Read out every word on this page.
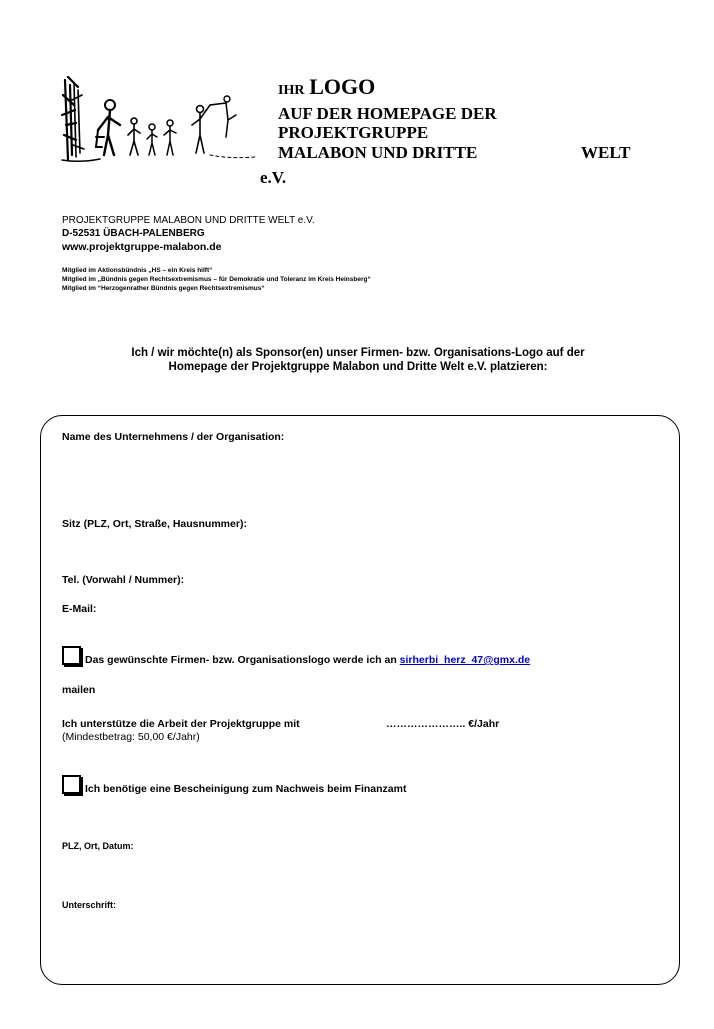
IHR LOGO
AUF DER HOMEPAGE DER
PROJEKTGRUPPE
MALABON UND DRITTE	WELT
e.V.
PROJEKTGRUPPE MALABON UND DRITTE WELT e.V.
D-52531 ÜBACH-PALENBERG
www.projektgruppe-malabon.de
Mitglied im Aktionsbündnis „HS – ein Kreis hilft“
Mitglied im „Bündnis gegen Rechtsextremismus – für Demokratie und Toleranz im Kreis Heinsberg“
Mitglied im “Herzogenrather Bündnis gegen Rechtsextremismus“
Ich / wir möchte(n) als Sponsor(en) unser Firmen- bzw. Organisations-Logo auf der
Homepage der Projektgruppe Malabon und Dritte Welt e.V. platzieren:
Name des Unternehmens / der Organisation:
Sitz (PLZ, Ort, Straße, Hausnummer):
Tel. (Vorwahl / Nummer):
E-Mail:
Das gewünschte Firmen- bzw. Organisationslogo werde ich an sirherbi_herz_47@gmx.de
mailen
Ich unterstütze die Arbeit der Projektgruppe mit	………………….. €/Jahr
(Mindestbetrag: 50,00 €/Jahr)
Ich benötige eine Bescheinigung zum Nachweis beim Finanzamt
PLZ, Ort, Datum:
Unterschrift:
